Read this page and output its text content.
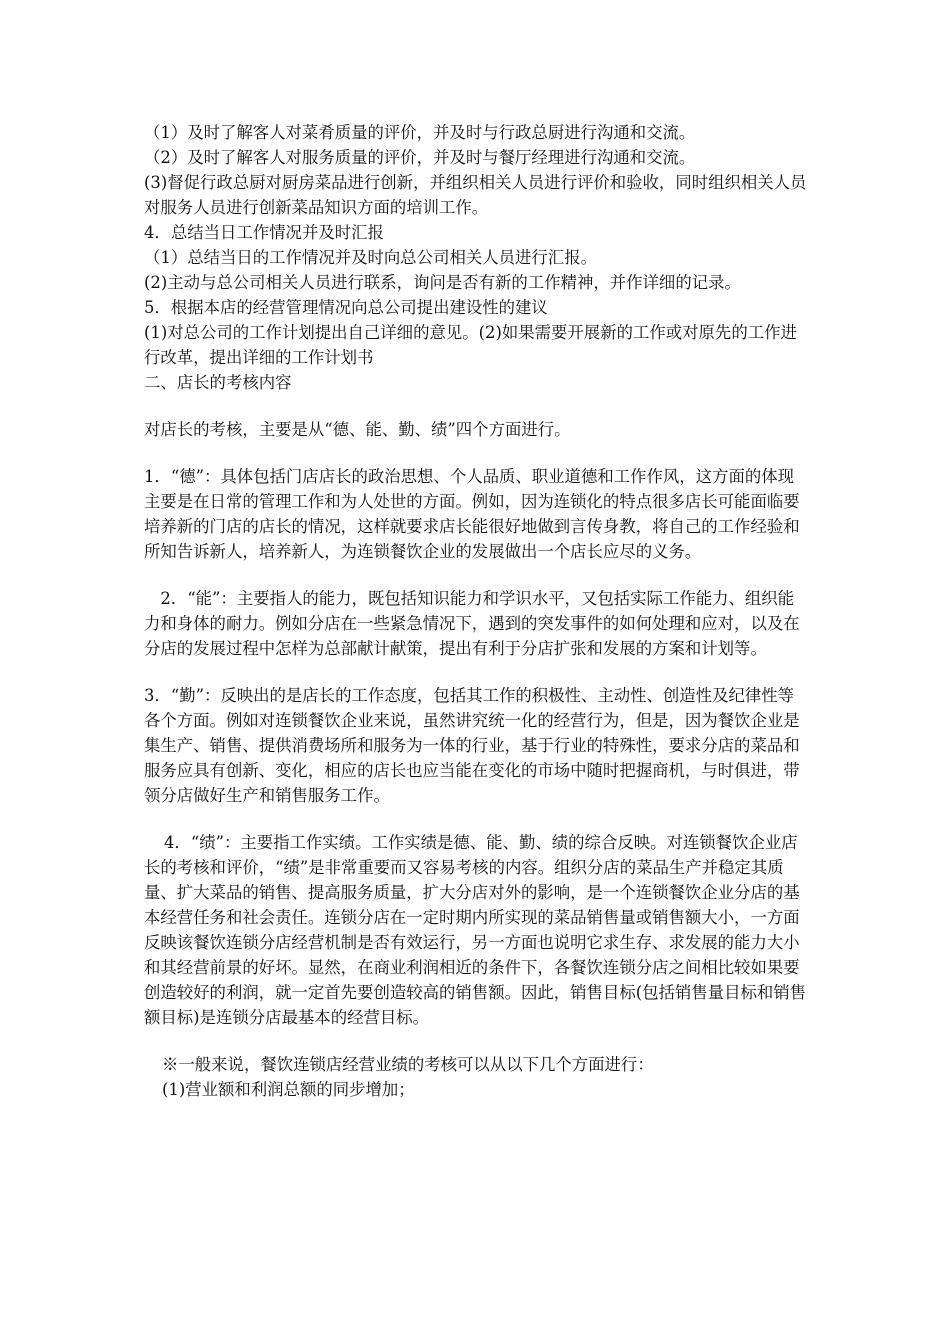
（1）及时了解客人对菜肴质量的评价，并及时与行政总厨进行沟通和交流。

（2）及时了解客人对服务质量的评价，并及时与餐厅经理进行沟通和交流。

(3)督促行政总厨对厨房菜品进行创新，并组织相关人员进行评价和验收，同时组织相关人员对服务人员进行创新菜品知识方面的培训工作。

4．总结当日工作情况并及时汇报

（1）总结当日的工作情况并及时向总公司相关人员进行汇报。

(2)主动与总公司相关人员进行联系，询问是否有新的工作精神，并作详细的记录。

5．根据本店的经营管理情况向总公司提出建设性的建议

(1)对总公司的工作计划提出自己详细的意见。(2)如果需要开展新的工作或对原先的工作进行改革，提出详细的工作计划书

二、店长的考核内容

对店长的考核，主要是从“德、能、勤、绩”四个方面进行。

1．“德”：具体包括门店店长的政治思想、个人品质、职业道德和工作作风，这方面的体现主要是在日常的管理工作和为人处世的方面。例如，因为连锁化的特点很多店长可能面临要培养新的门店的店长的情况，这样就要求店长能很好地做到言传身教，将自己的工作经验和所知告诉新人，培养新人，为连锁餐饮企业的发展做出一个店长应尽的义务。

2．“能”：主要指人的能力，既包括知识能力和学识水平，又包括实际工作能力、组织能力和身体的耐力。例如分店在一些紧急情况下，遇到的突发事件的如何处理和应对，以及在分店的发展过程中怎样为总部献计献策，提出有利于分店扩张和发展的方案和计划等。

3．“勤”：反映出的是店长的工作态度，包括其工作的积极性、主动性、创造性及纪律性等各个方面。例如对连锁餐饮企业来说，虽然讲究统一化的经营行为，但是，因为餐饮企业是集生产、销售、提供消费场所和服务为一体的行业，基于行业的特殊性，要求分店的菜品和服务应具有创新、变化，相应的店长也应当能在变化的市场中随时把握商机，与时俱进，带领分店做好生产和销售服务工作。

4．“绩”：主要指工作实绩。工作实绩是德、能、勤、绩的综合反映。对连锁餐饮企业店长的考核和评价，“绩”是非常重要而又容易考核的内容。组织分店的菜品生产并稳定其质量、扩大菜品的销售、提高服务质量，扩大分店对外的影响，是一个连锁餐饮企业分店的基本经营任务和社会责任。连锁分店在一定时期内所实现的菜品销售量或销售额大小，一方面反映该餐饮连锁分店经营机制是否有效运行，另一方面也说明它求生存、求发展的能力大小和其经营前景的好坏。显然，在商业利润相近的条件下，各餐饮连锁分店之间相比较如果要创造较好的利润，就一定首先要创造较高的销售额。因此，销售目标(包括销售量目标和销售额目标)是连锁分店最基本的经营目标。

※一般来说，餐饮连锁店经营业绩的考核可以从以下几个方面进行：

(1)营业额和利润总额的同步增加；
